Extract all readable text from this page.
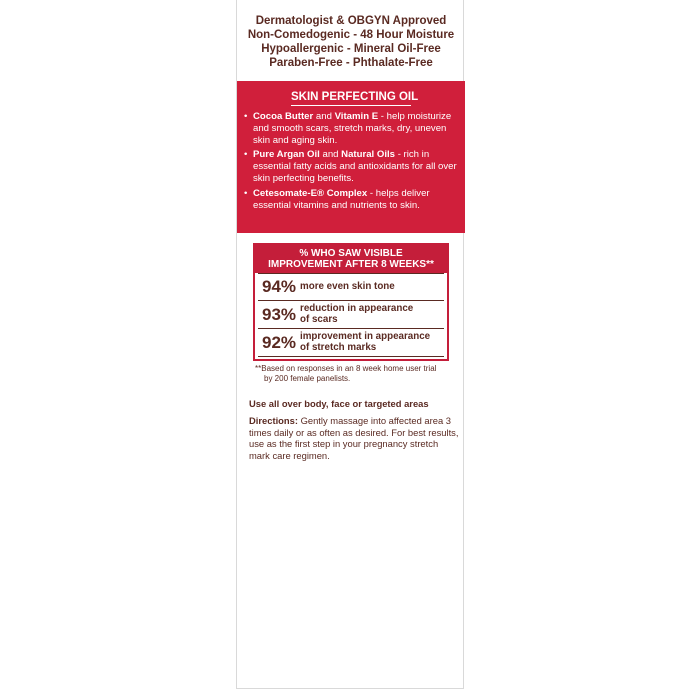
Dermatologist & OBGYN Approved
Non-Comedogenic - 48 Hour Moisture
Hypoallergenic - Mineral Oil-Free
Paraben-Free - Phthalate-Free
SKIN PERFECTING OIL
• Cocoa Butter and Vitamin E - help moisturize and smooth scars, stretch marks, dry, uneven skin and aging skin.
• Pure Argan Oil and Natural Oils - rich in essential fatty acids and antioxidants for all over skin perfecting benefits.
• Cetesomate-E® Complex - helps deliver essential vitamins and nutrients to skin.
% WHO SAW VISIBLE
IMPROVEMENT AFTER 8 WEEKS**
94% more even skin tone
93% reduction in appearance
of scars
92% improvement in appearance
of stretch marks
**Based on responses in an 8 week home user trial
by 200 female panelists.
Use all over body, face or targeted areas
Directions: Gently massage into affected area 3 times daily or as often as desired. For best results, use as the first step in your pregnancy stretch mark care regimen.
